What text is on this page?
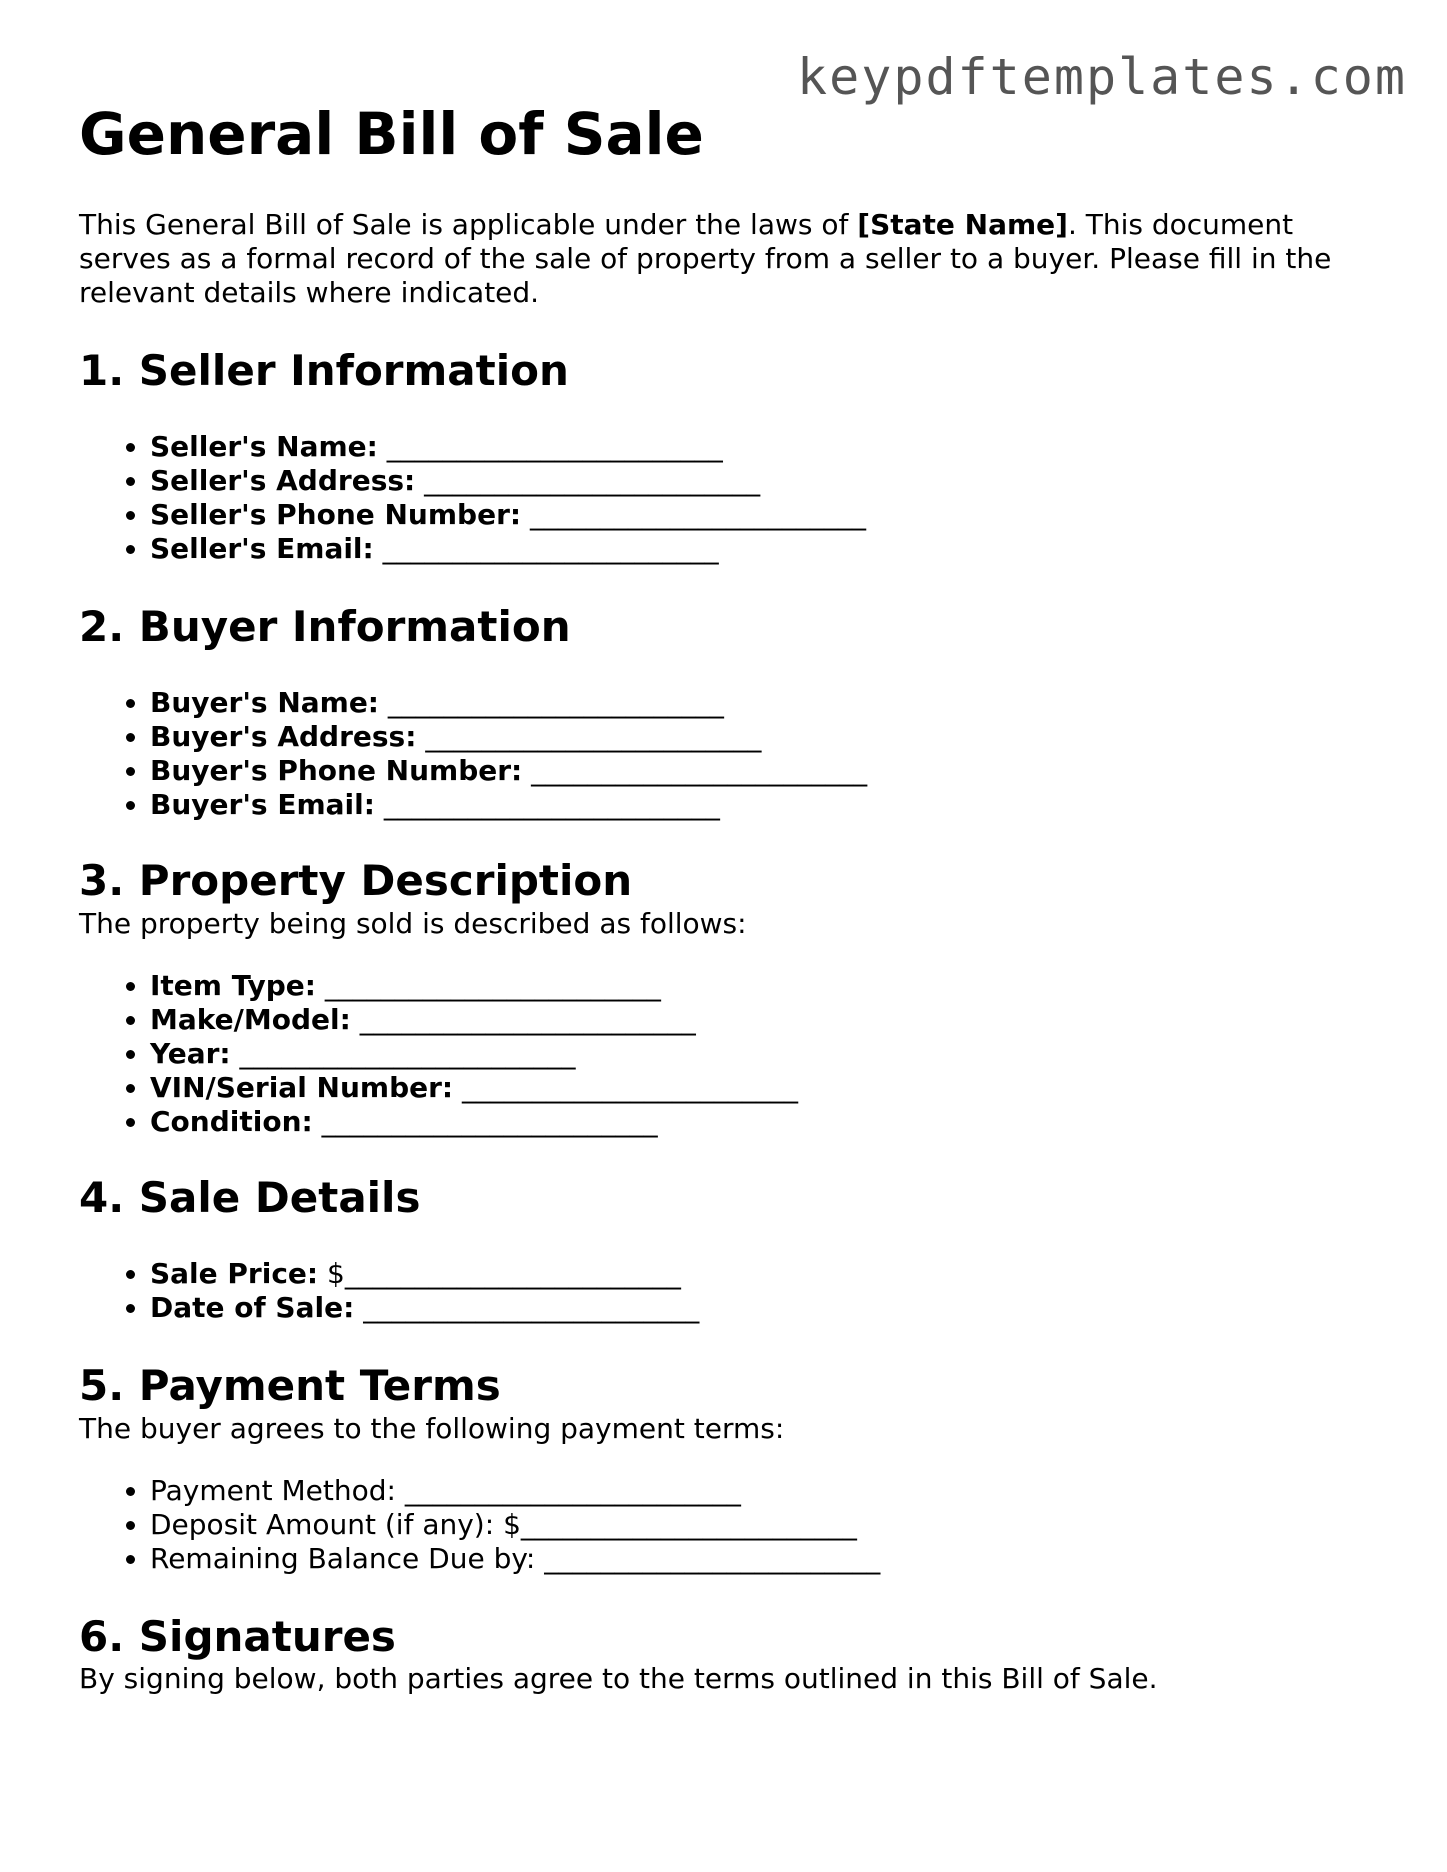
keypdftemplates.com
General Bill of Sale

This General Bill of Sale is applicable under the laws of [State Name]. This document serves as a formal record of the sale of property from a seller to a buyer. Please fill in the relevant details where indicated.

1. Seller Information
• Seller's Name: ________________________
• Seller's Address: ________________________
• Seller's Phone Number: ________________________
• Seller's Email: ________________________
2. Buyer Information
• Buyer's Name: ________________________
• Buyer's Address: ________________________
• Buyer's Phone Number: ________________________
• Buyer's Email: ________________________
3. Property Description

The property being sold is described as follows:

• Item Type: ________________________
• Make/Model: ________________________
• Year: ________________________
• VIN/Serial Number: ________________________
• Condition: ________________________
4. Sale Details
• Sale Price: $________________________
• Date of Sale: ________________________
5. Payment Terms

The buyer agrees to the following payment terms:

• Payment Method: ________________________
• Deposit Amount (if any): $________________________
• Remaining Balance Due by: ________________________
6. Signatures

By signing below, both parties agree to the terms outlined in this Bill of Sale.
